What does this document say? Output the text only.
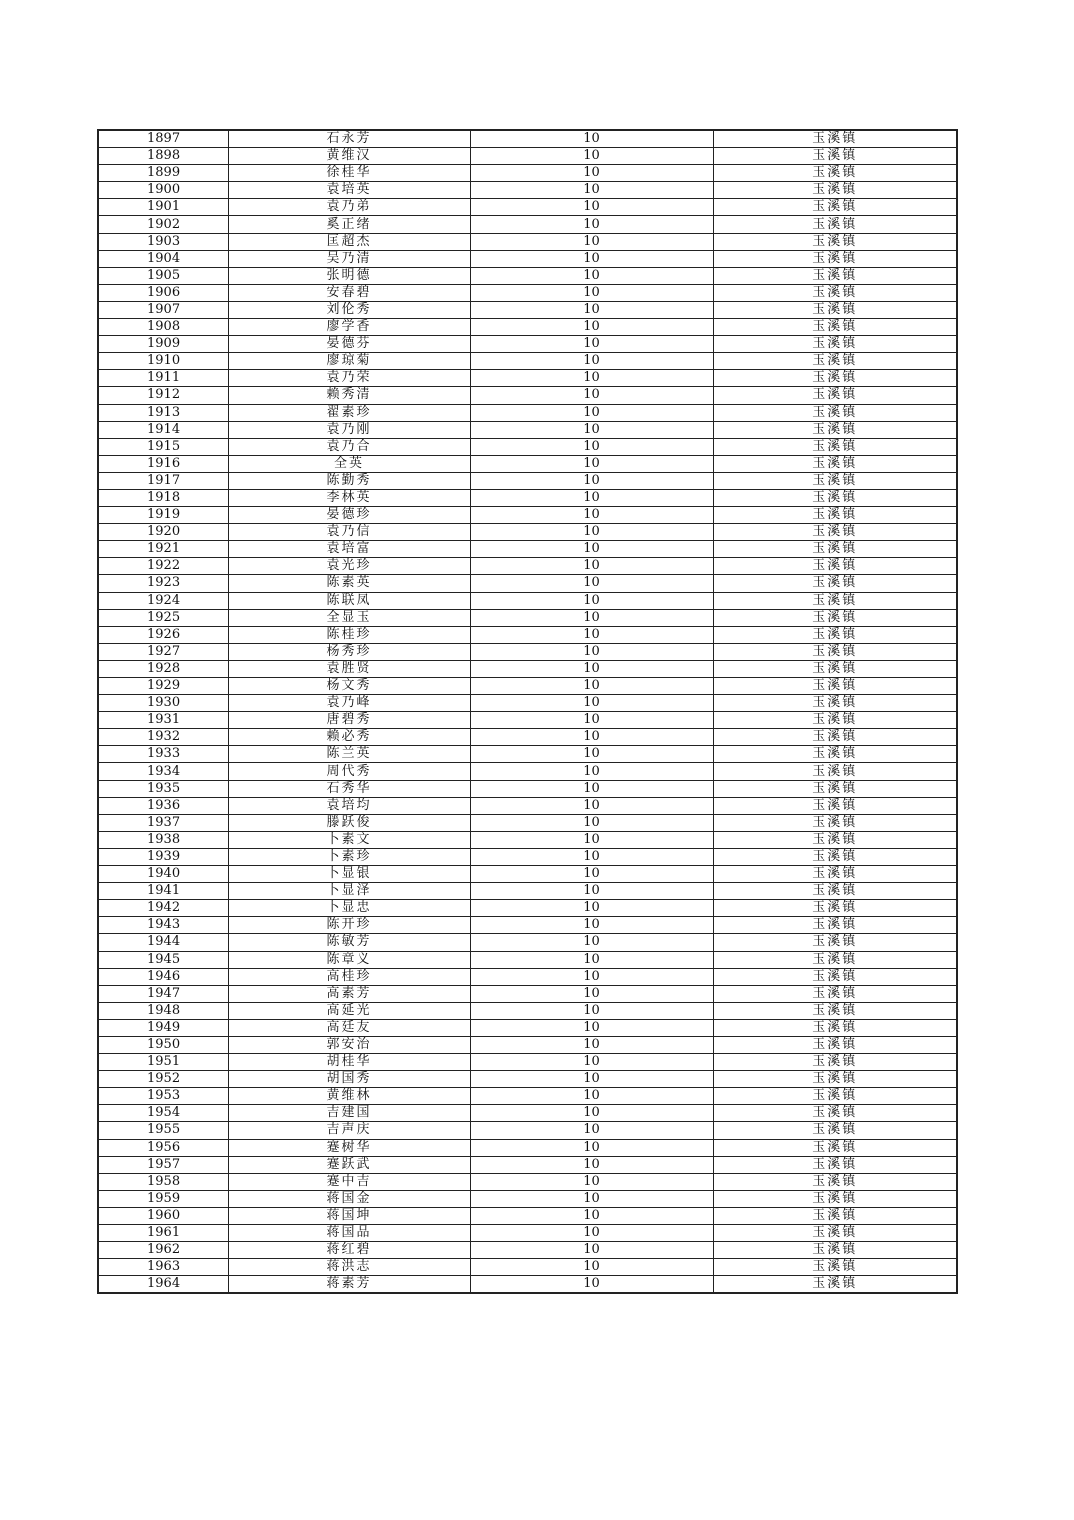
1897	石永芳	10	玉溪镇
1898	黄维汉	10	玉溪镇
1899	徐桂华	10	玉溪镇
1900	袁培英	10	玉溪镇
1901	袁乃弟	10	玉溪镇
1902	奚正绪	10	玉溪镇
1903	匡超杰	10	玉溪镇
1904	吴乃清	10	玉溪镇
1905	张明德	10	玉溪镇
1906	安春碧	10	玉溪镇
1907	刘伦秀	10	玉溪镇
1908	廖学香	10	玉溪镇
1909	晏德芬	10	玉溪镇
1910	廖琼菊	10	玉溪镇
1911	袁乃荣	10	玉溪镇
1912	赖秀清	10	玉溪镇
1913	翟素珍	10	玉溪镇
1914	袁乃刚	10	玉溪镇
1915	袁乃合	10	玉溪镇
1916	全英	10	玉溪镇
1917	陈勤秀	10	玉溪镇
1918	李林英	10	玉溪镇
1919	晏德珍	10	玉溪镇
1920	袁乃信	10	玉溪镇
1921	袁培富	10	玉溪镇
1922	袁光珍	10	玉溪镇
1923	陈素英	10	玉溪镇
1924	陈联凤	10	玉溪镇
1925	全显玉	10	玉溪镇
1926	陈桂珍	10	玉溪镇
1927	杨秀珍	10	玉溪镇
1928	袁胜贤	10	玉溪镇
1929	杨文秀	10	玉溪镇
1930	袁乃峰	10	玉溪镇
1931	唐碧秀	10	玉溪镇
1932	赖必秀	10	玉溪镇
1933	陈兰英	10	玉溪镇
1934	周代秀	10	玉溪镇
1935	石秀华	10	玉溪镇
1936	袁培均	10	玉溪镇
1937	滕跃俊	10	玉溪镇
1938	卜素文	10	玉溪镇
1939	卜素珍	10	玉溪镇
1940	卜显银	10	玉溪镇
1941	卜显泽	10	玉溪镇
1942	卜显忠	10	玉溪镇
1943	陈开珍	10	玉溪镇
1944	陈敏芳	10	玉溪镇
1945	陈章义	10	玉溪镇
1946	高桂珍	10	玉溪镇
1947	高素芳	10	玉溪镇
1948	高延光	10	玉溪镇
1949	高廷友	10	玉溪镇
1950	郭安治	10	玉溪镇
1951	胡桂华	10	玉溪镇
1952	胡国秀	10	玉溪镇
1953	黄维林	10	玉溪镇
1954	吉建国	10	玉溪镇
1955	吉声庆	10	玉溪镇
1956	蹇树华	10	玉溪镇
1957	蹇跃武	10	玉溪镇
1958	蹇中吉	10	玉溪镇
1959	蒋国金	10	玉溪镇
1960	蒋国坤	10	玉溪镇
1961	蒋国品	10	玉溪镇
1962	蒋红碧	10	玉溪镇
1963	蒋洪志	10	玉溪镇
1964	蒋素芳	10	玉溪镇
